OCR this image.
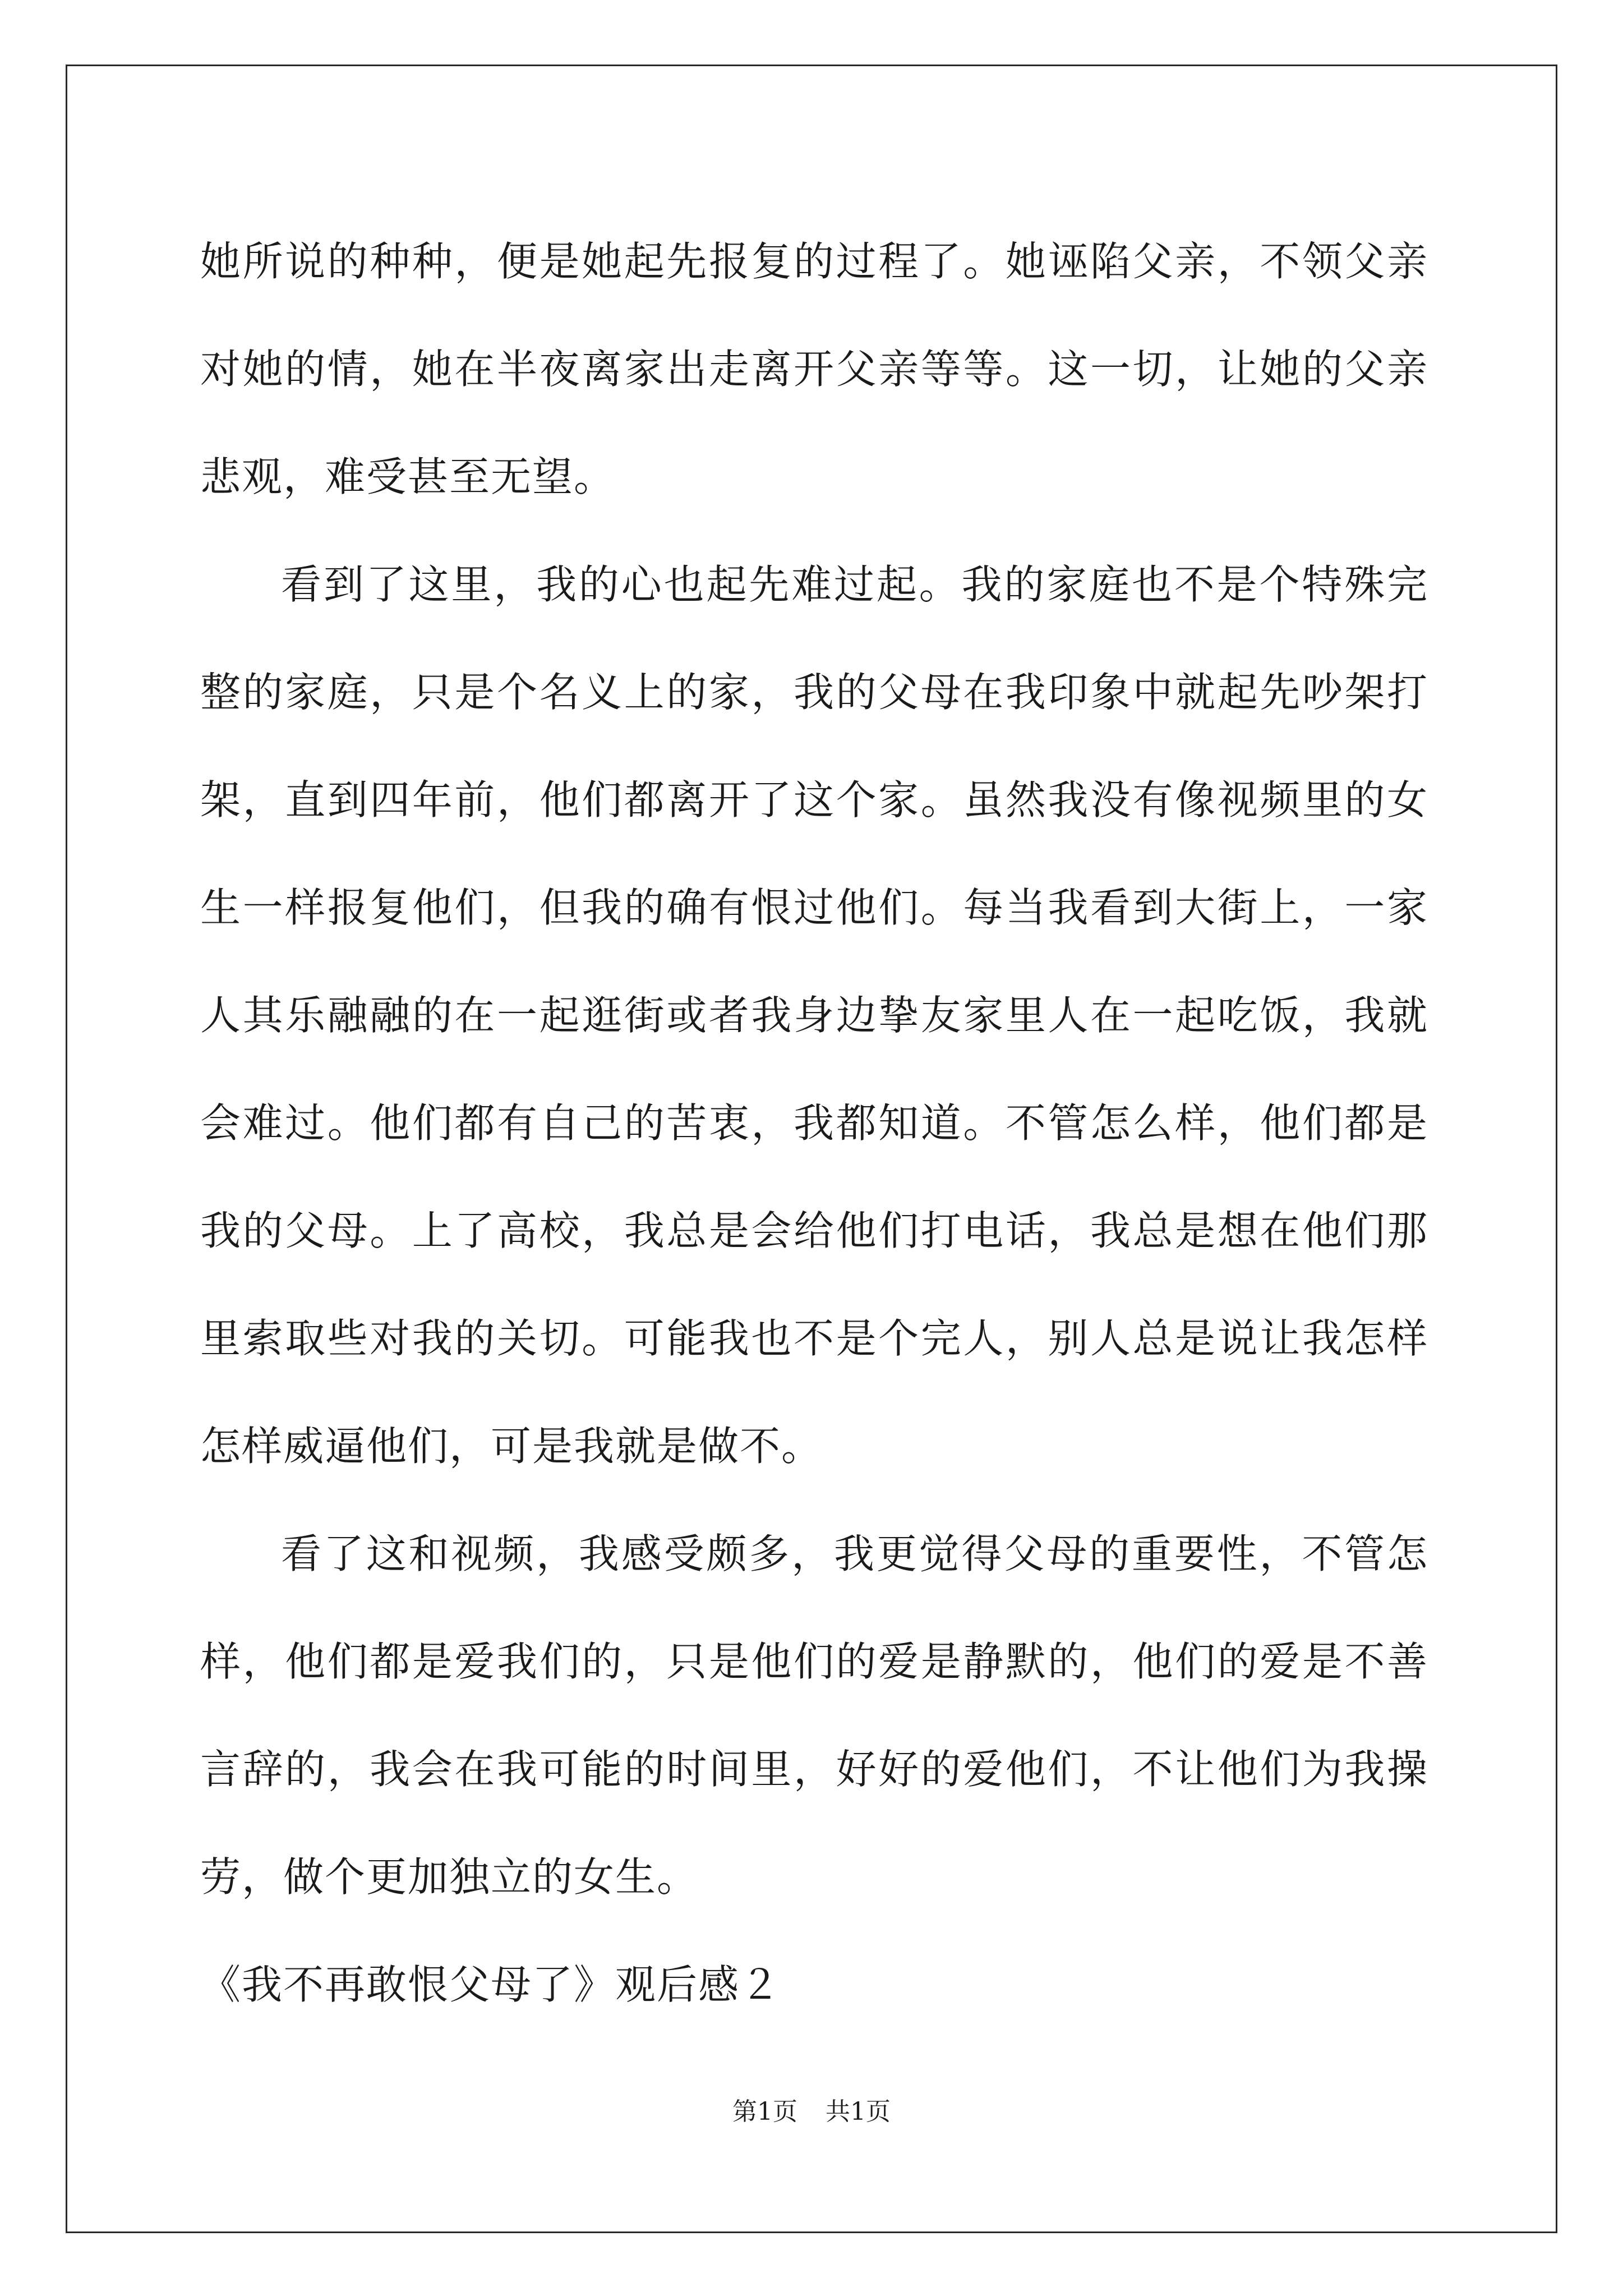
她所说的种种，便是她起先报复的过程了。她诬陷父亲，不领父亲对她的情，她在半夜离家出走离开父亲等等。这一切，让她的父亲悲观，难受甚至无望。

看到了这里，我的心也起先难过起。我的家庭也不是个特殊完整的家庭，只是个名义上的家，我的父母在我印象中就起先吵架打架，直到四年前，他们都离开了这个家。虽然我没有像视频里的女生一样报复他们，但我的确有恨过他们。每当我看到大街上，一家人其乐融融的在一起逛街或者我身边挚友家里人在一起吃饭，我就会难过。他们都有自己的苦衷，我都知道。不管怎么样，他们都是我的父母。上了高校，我总是会给他们打电话，我总是想在他们那里索取些对我的关切。可能我也不是个完人，别人总是说让我怎样怎样威逼他们，可是我就是做不。

看了这和视频，我感受颇多，我更觉得父母的重要性，不管怎样，他们都是爱我们的，只是他们的爱是静默的，他们的爱是不善言辞的，我会在我可能的时间里，好好的爱他们，不让他们为我操劳，做个更加独立的女生。

《我不再敢恨父母了》观后感２
第1页 共1页
